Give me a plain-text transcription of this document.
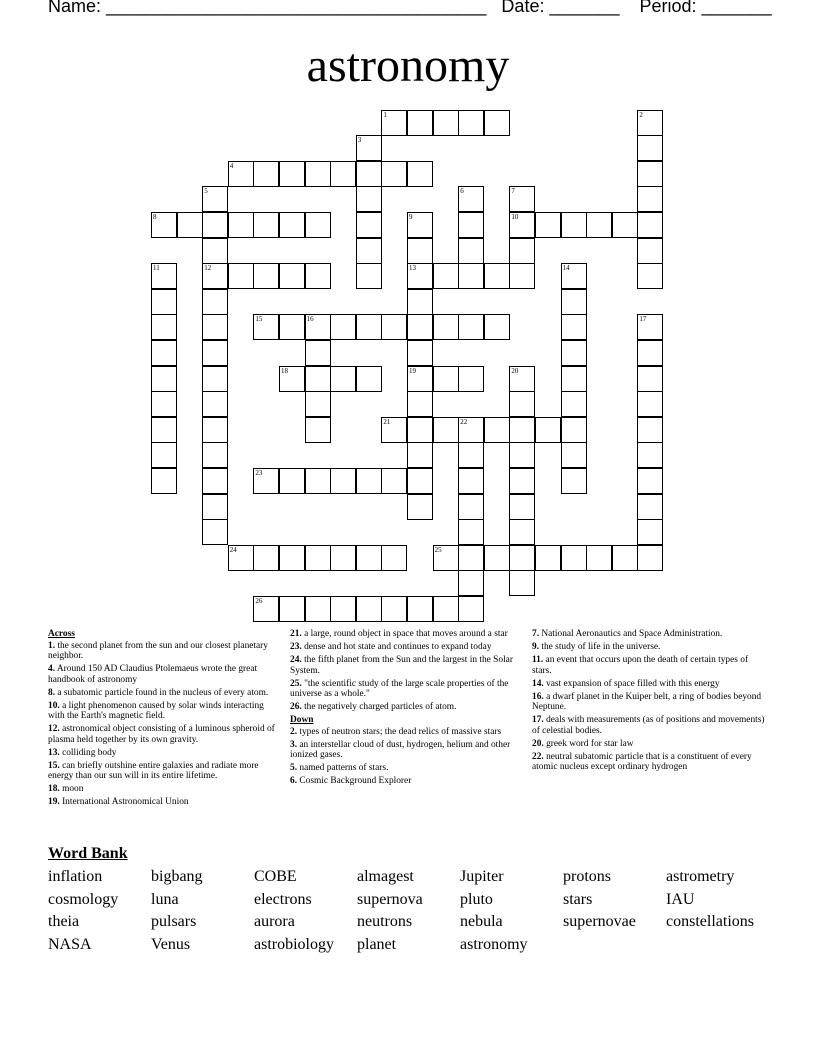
Name: ______________________________________   Date: _______    Period: _______
astronomy
1	2
3
4
5	6	7
8	9	10
11	12	13	14
15	16	17
18	19	20
21	22
23
24	25
26
Across
1. the second planet from the sun and our closest planetary neighbor.
4. Around 150 AD Claudius Ptolemaeus wrote the great handbook of astronomy
8. a subatomic particle found in the nucleus of every atom.
10. a light phenomenon caused by solar winds interacting with the Earth's magnetic field.
12. astronomical object consisting of a luminous spheroid of plasma held together by its own gravity.
13. colliding body
15. can briefly outshine entire galaxies and radiate more energy than our sun will in its entire lifetime.
18. moon
19. International Astronomical Union
21. a large, round object in space that moves around a star
23. dense and hot state and continues to expand today
24. the fifth planet from the Sun and the largest in the Solar System.
25. "the scientific study of the large scale properties of the universe as a whole."
26. the negatively charged particles of atom.
Down
2. types of neutron stars; the dead relics of massive stars
3. an interstellar cloud of dust, hydrogen, helium and other ionized gases.
5. named patterns of stars.
6. Cosmic Background Explorer
7. National Aeronautics and Space Administration.
9. the study of life in the universe.
11. an event that occurs upon the death of certain types of stars.
14. vast expansion of space filled with this energy
16. a dwarf planet in the Kuiper belt, a ring of bodies beyond Neptune.
17. deals with measurements (as of positions and movements) of celestial bodies.
20. greek word for star law
22. neutral subatomic particle that is a constituent of every atomic nucleus except ordinary hydrogen
Word Bank
inflation	bigbang	COBE	almagest	Jupiter	protons	astrometry
cosmology	luna	electrons	supernova	pluto	stars	IAU
theia	pulsars	aurora	neutrons	nebula	supernovae	constellations
NASA	Venus	astrobiology	planet	astronomy
